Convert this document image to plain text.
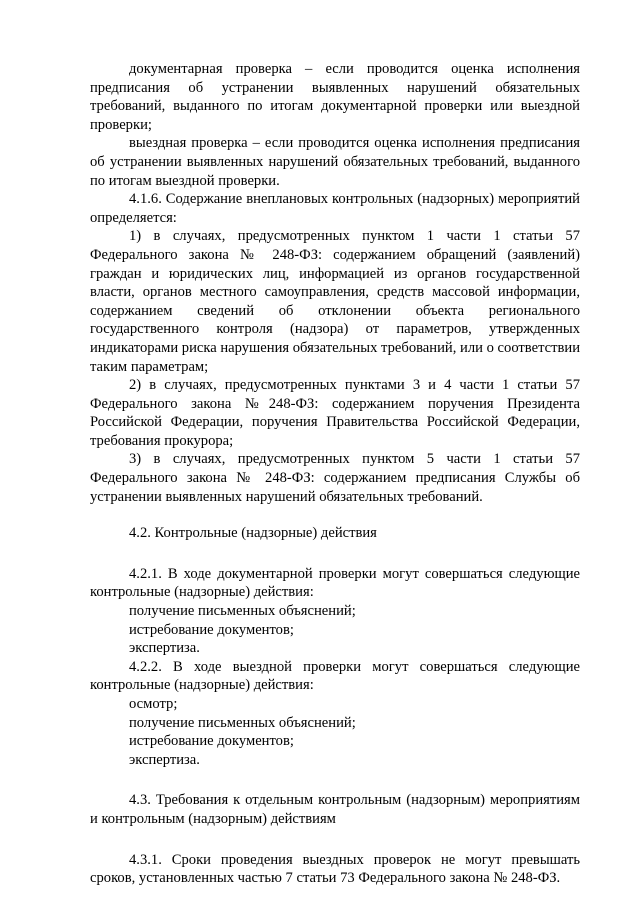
документарная проверка – если проводится оценка исполнения предписания об устранении выявленных нарушений обязательных требований, выданного по итогам документарной проверки или выездной проверки;

выездная проверка – если проводится оценка исполнения предписания об устранении выявленных нарушений обязательных требований, выданного по итогам выездной проверки.

4.1.6. Содержание внеплановых контрольных (надзорных) мероприятий определяется:

1) в случаях, предусмотренных пунктом 1 части 1 статьи 57 Федерального закона № 248-ФЗ: содержанием обращений (заявлений) граждан и юридических лиц, информацией из органов государственной власти, органов местного самоуправления, средств массовой информации, содержанием сведений об отклонении объекта регионального государственного контроля (надзора) от параметров, утвержденных индикаторами риска нарушения обязательных требований, или о соответствии таким параметрам;

2) в случаях, предусмотренных пунктами 3 и 4 части 1 статьи 57 Федерального закона №248-ФЗ: содержанием поручения Президента Российской Федерации, поручения Правительства Российской Федерации, требования прокурора;

3) в случаях, предусмотренных пунктом 5 части 1 статьи 57 Федерального закона № 248-ФЗ: содержанием предписания Службы об устранении выявленных нарушений обязательных требований.

4.2. Контрольные (надзорные) действия

4.2.1. В ходе документарной проверки могут совершаться следующие контрольные (надзорные) действия:

получение письменных объяснений;

истребование документов;

экспертиза.

4.2.2. В ходе выездной проверки могут совершаться следующие контрольные (надзорные) действия:

осмотр;

получение письменных объяснений;

истребование документов;

экспертиза.

4.3. Требования к отдельным контрольным (надзорным) мероприятиям и контрольным (надзорным) действиям

4.3.1. Сроки проведения выездных проверок не могут превышать сроков, установленных частью 7 статьи 73 Федерального закона № 248-ФЗ.
